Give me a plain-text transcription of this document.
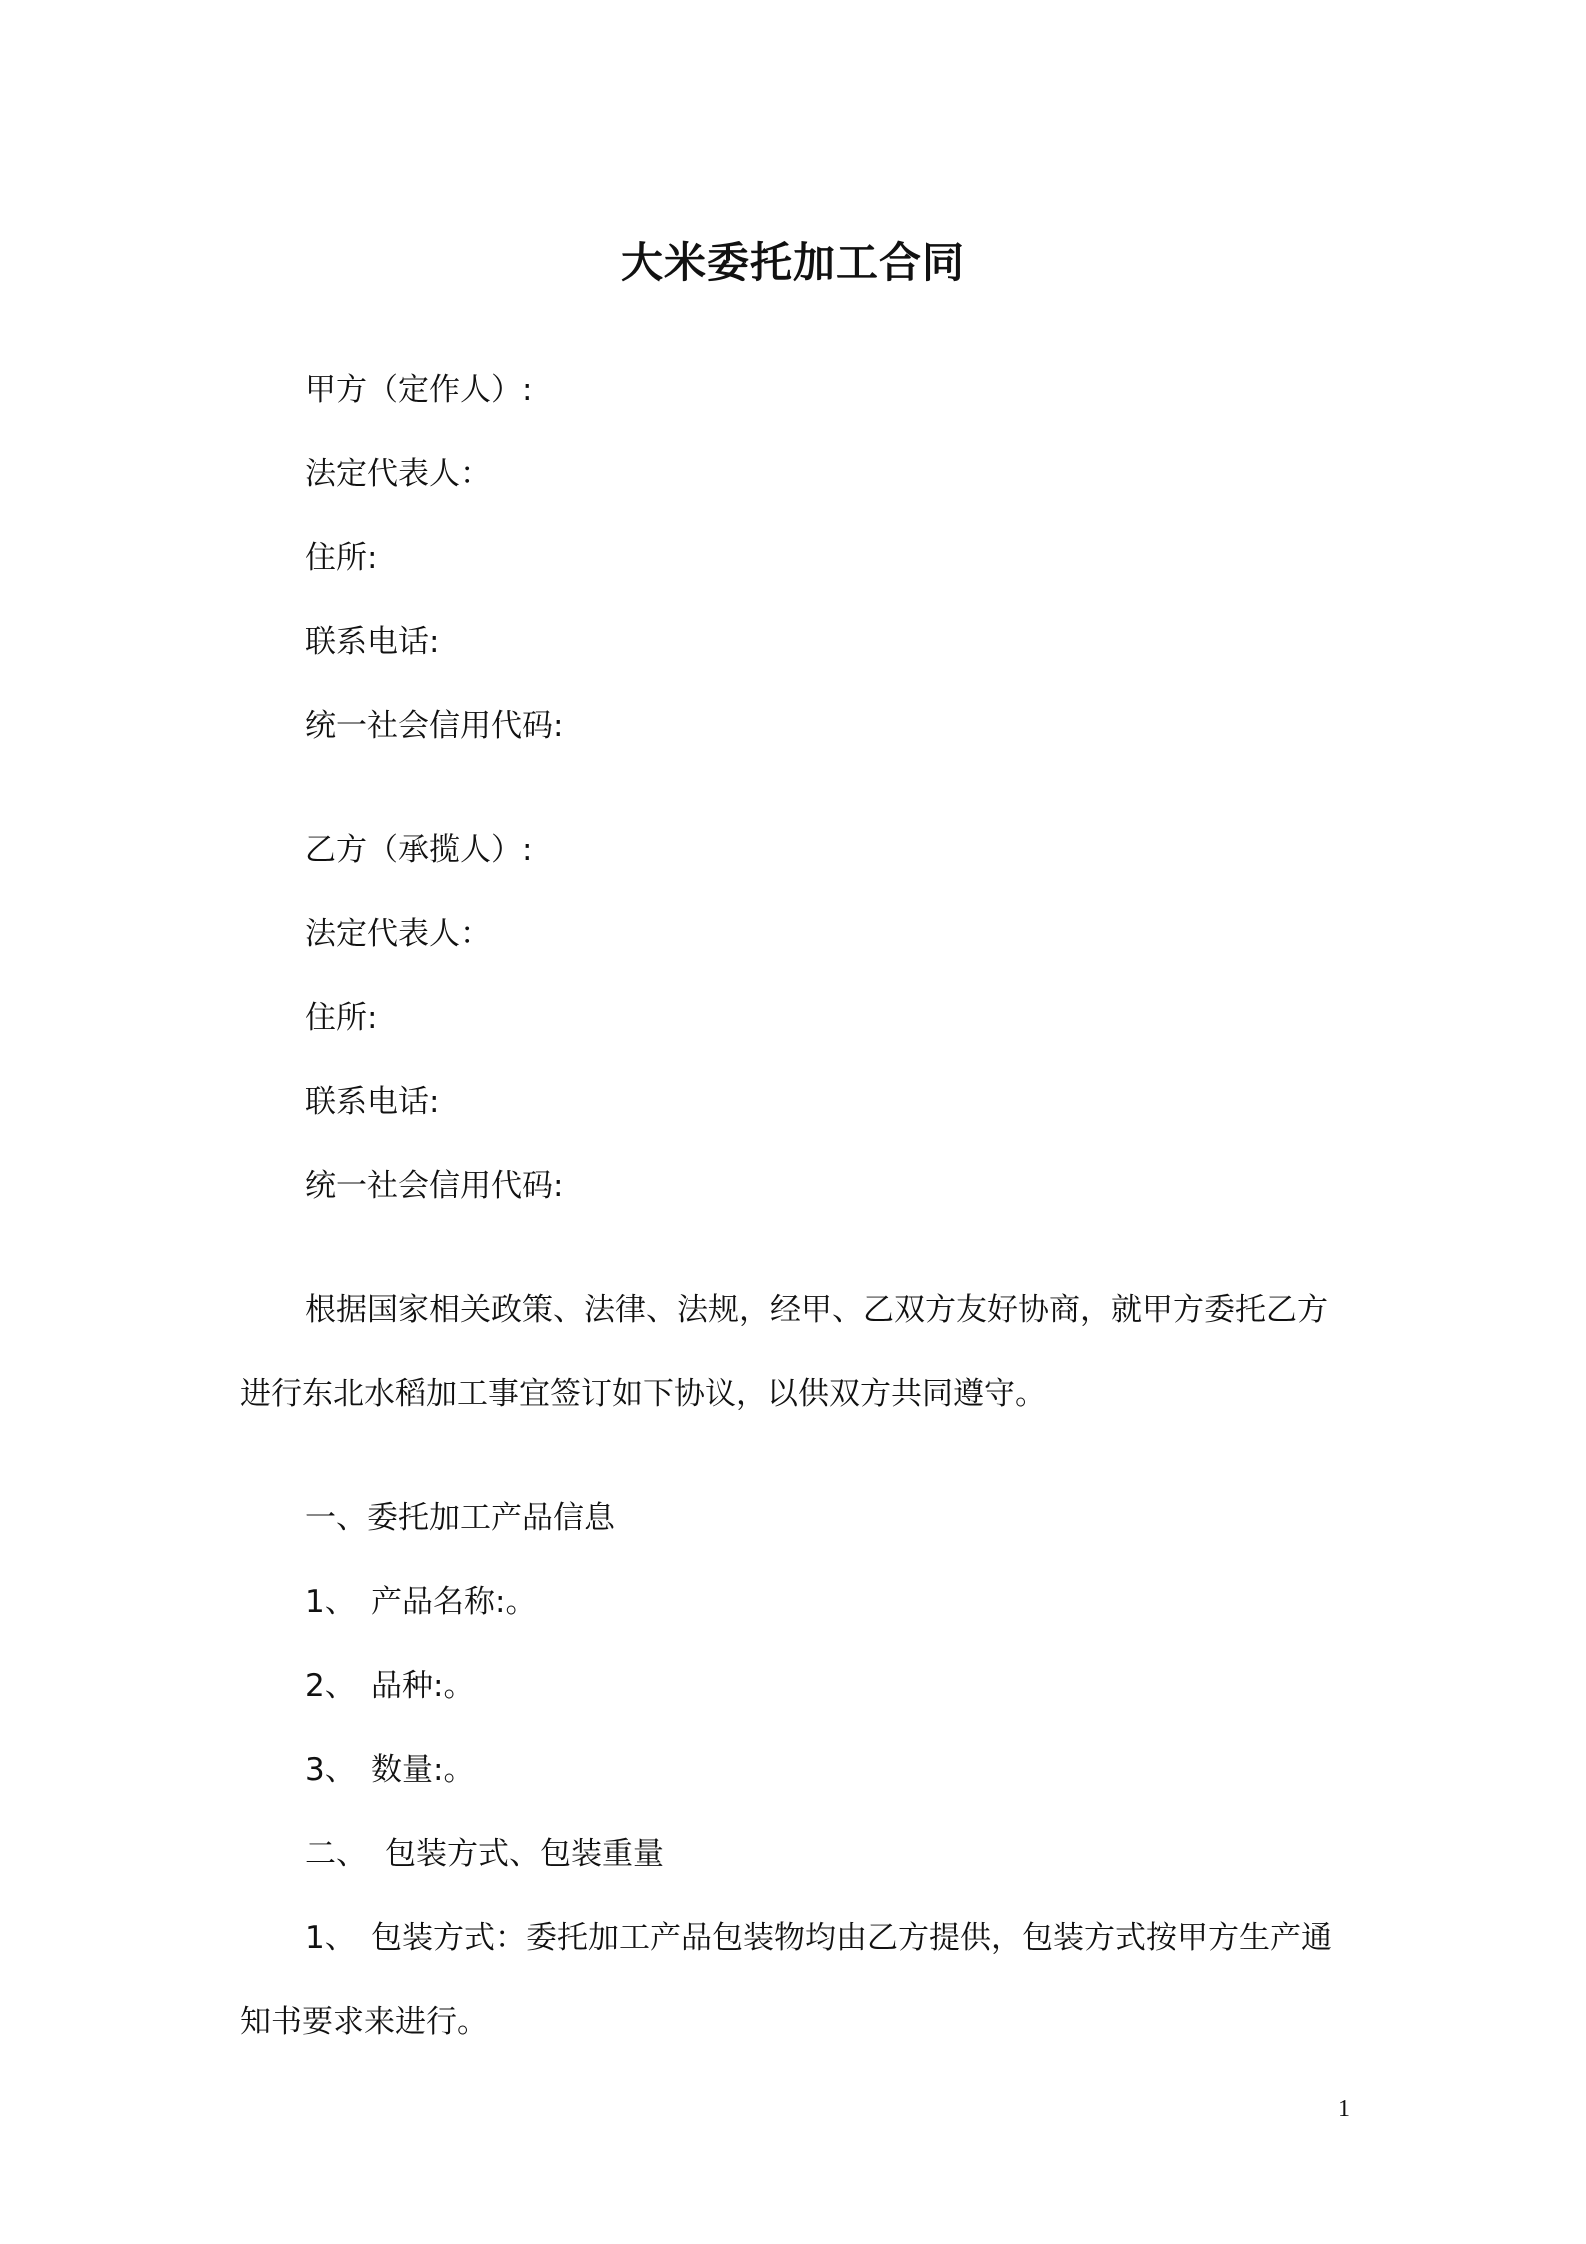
大米委托加工合同
甲方（定作人）:
法定代表人：
住所:
联系电话:
统一社会信用代码:
乙方（承揽人）:
法定代表人：
住所:
联系电话:
统一社会信用代码:
根据国家相关政策、法律、法规，经甲、乙双方友好协商，就甲方委托乙方
进行东北水稻加工事宜签订如下协议，以供双方共同遵守。
一、委托加工产品信息
1、 产品名称:。
2、 品种:。
3、 数量:。
二、 包装方式、包装重量
1、 包装方式：委托加工产品包装物均由乙方提供，包装方式按甲方生产通
知书要求来进行。
1
